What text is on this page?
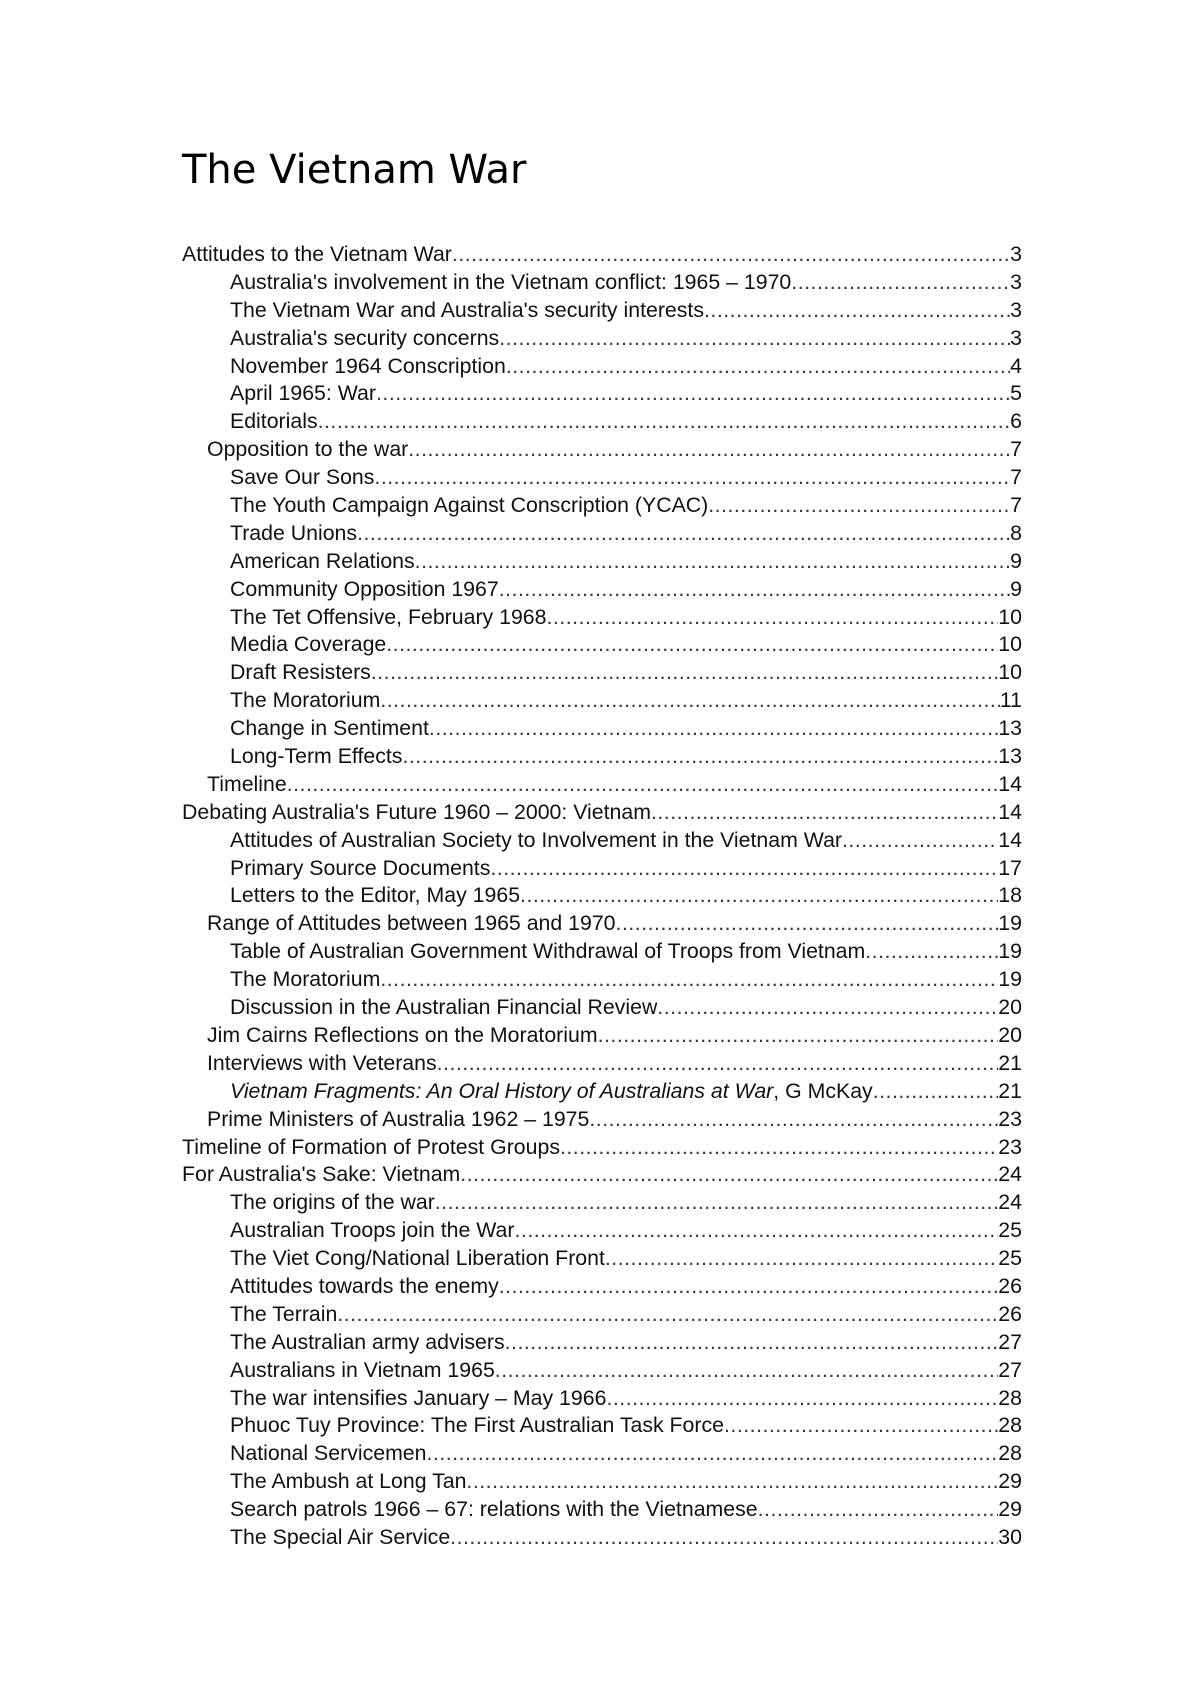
The Vietnam War
Attitudes to the Vietnam War .....	3
Australia's involvement in the Vietnam conflict: 1965 – 1970 .....	3
The Vietnam War and Australia's security interests .....	3
Australia's security concerns .....	3
November 1964 Conscription .....	4
April 1965: War .....	5
Editorials .....	6
Opposition to the war .....	7
Save Our Sons .....	7
The Youth Campaign Against Conscription (YCAC) .....	7
Trade Unions .....	8
American Relations .....	9
Community Opposition 1967 .....	9
The Tet Offensive, February 1968 .....	10
Media Coverage .....	10
Draft Resisters .....	10
The Moratorium .....	11
Change in Sentiment .....	13
Long-Term Effects .....	13
Timeline .....	14
Debating Australia's Future 1960 – 2000: Vietnam .....	14
Attitudes of Australian Society to Involvement in the Vietnam War .....	14
Primary Source Documents .....	17
Letters to the Editor, May 1965 .....	18
Range of Attitudes between 1965 and 1970 .....	19
Table of Australian Government Withdrawal of Troops from Vietnam .....	19
The Moratorium .....	19
Discussion in the Australian Financial Review .....	20
Jim Cairns Reflections on the Moratorium .....	20
Interviews with Veterans .....	21
Vietnam Fragments: An Oral History of Australians at War, G McKay .....	21
Prime Ministers of Australia 1962 – 1975 .....	23
Timeline of Formation of Protest Groups .....	23
For Australia's Sake: Vietnam .....	24
The origins of the war .....	24
Australian Troops join the War .....	25
The Viet Cong/National Liberation Front .....	25
Attitudes towards the enemy .....	26
The Terrain .....	26
The Australian army advisers .....	27
Australians in Vietnam 1965 .....	27
The war intensifies January – May 1966 .....	28
Phuoc Tuy Province: The First Australian Task Force .....	28
National Servicemen .....	28
The Ambush at Long Tan .....	29
Search patrols 1966 – 67: relations with the Vietnamese .....	29
The Special Air Service .....	30
